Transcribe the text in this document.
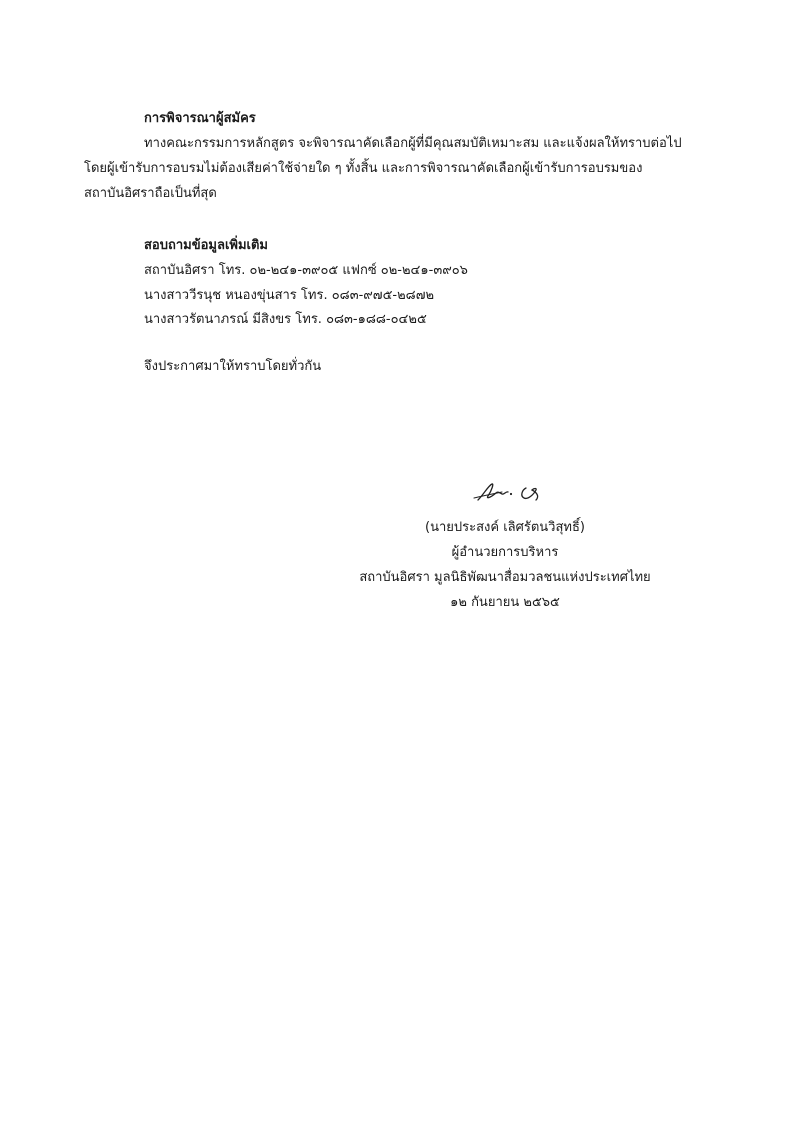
การพิจารณาผู้สมัคร
ทางคณะกรรมการหลักสูตร จะพิจารณาคัดเลือกผู้ที่มีคุณสมบัติเหมาะสม และแจ้งผลให้ทราบต่อไป
โดยผู้เข้ารับการอบรมไม่ต้องเสียค่าใช้จ่ายใด ๆ ทั้งสิ้น และการพิจารณาคัดเลือกผู้เข้ารับการอบรมของ
สถาบันอิศราถือเป็นที่สุด
สอบถามข้อมูลเพิ่มเติม
สถาบันอิศรา โทร. ๐๒-๒๔๑-๓๙๐๕ แฟกซ์ ๐๒-๒๔๑-๓๙๐๖
นางสาววีรนุช หนองขุ่นสาร โทร. ๐๘๓-๙๗๕-๒๘๗๒
นางสาวรัตนาภรณ์ มีสิงขร โทร. ๐๘๓-๑๘๘-๐๔๒๕
จึงประกาศมาให้ทราบโดยทั่วกัน
(นายประสงค์ เลิศรัตนวิสุทธิ์)
ผู้อำนวยการบริหาร
สถาบันอิศรา มูลนิธิพัฒนาสื่อมวลชนแห่งประเทศไทย
๑๒ กันยายน ๒๕๖๕
